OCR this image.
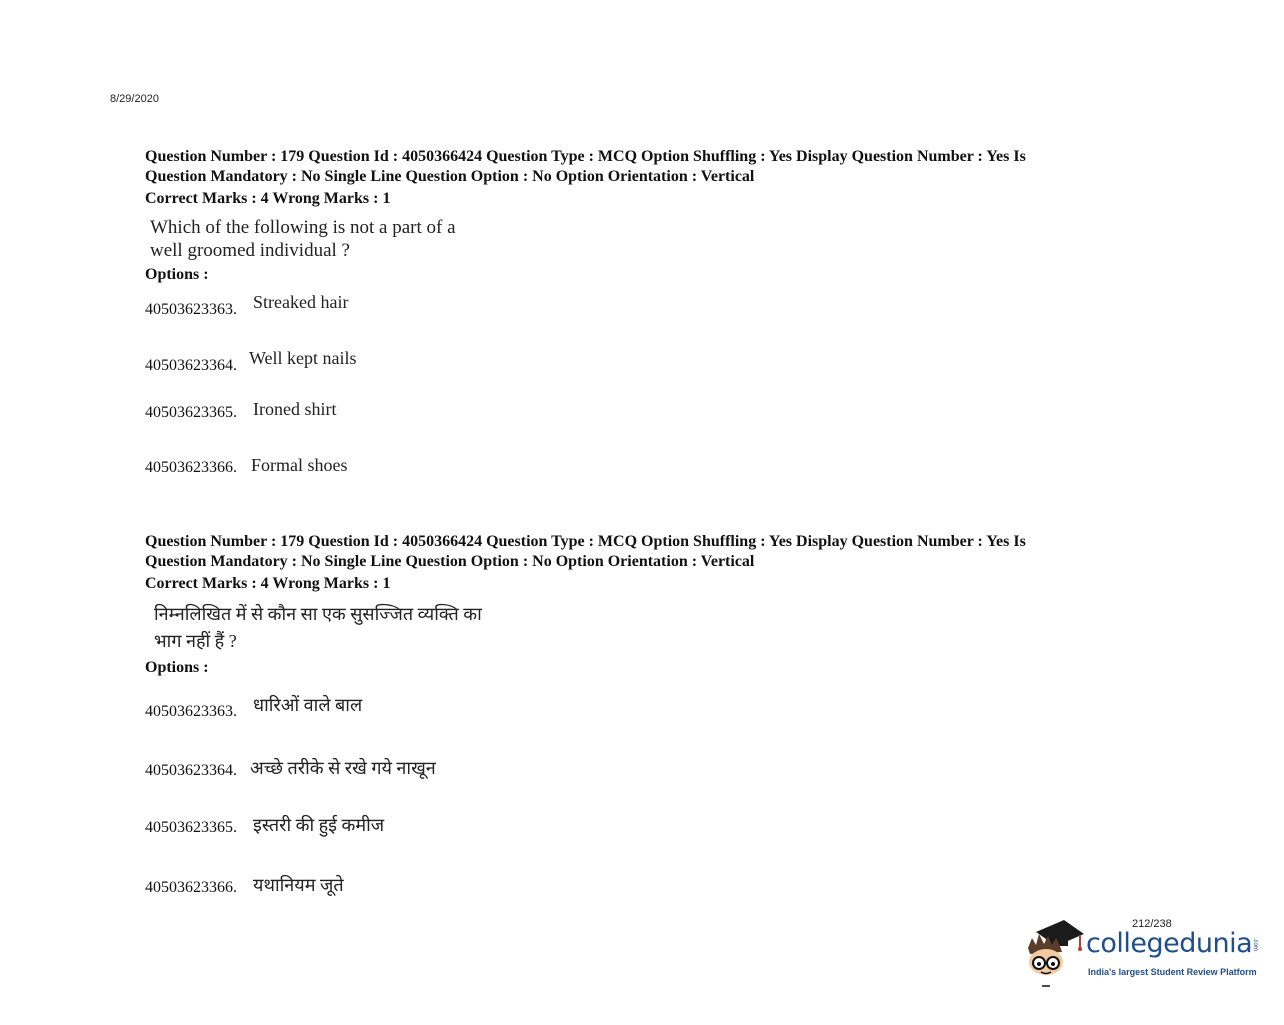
8/29/2020
Question Number : 179 Question Id : 4050366424 Question Type : MCQ Option Shuffling : Yes Display Question Number : Yes Is
Question Mandatory : No Single Line Question Option : No Option Orientation : Vertical
Correct Marks : 4 Wrong Marks : 1
Which of the following is not a part of a
well groomed individual ?
Options :
40503623363. Streaked hair
40503623364. Well kept nails
40503623365. Ironed shirt
40503623366. Formal shoes
Question Number : 179 Question Id : 4050366424 Question Type : MCQ Option Shuffling : Yes Display Question Number : Yes Is
Question Mandatory : No Single Line Question Option : No Option Orientation : Vertical
Correct Marks : 4 Wrong Marks : 1
निम्नलिखित में से कौन सा एक सुसज्जित व्यक्ति का
भाग नहीं हैं ?
Options :
40503623363. धारिओं वाले बाल
40503623364. अच्छे तरीके से रखे गये नाखून
40503623365. इस्तरी की हुई कमीज
40503623366. यथानियम जूते
212/238
collegedunia.com
India's largest Student Review Platform
